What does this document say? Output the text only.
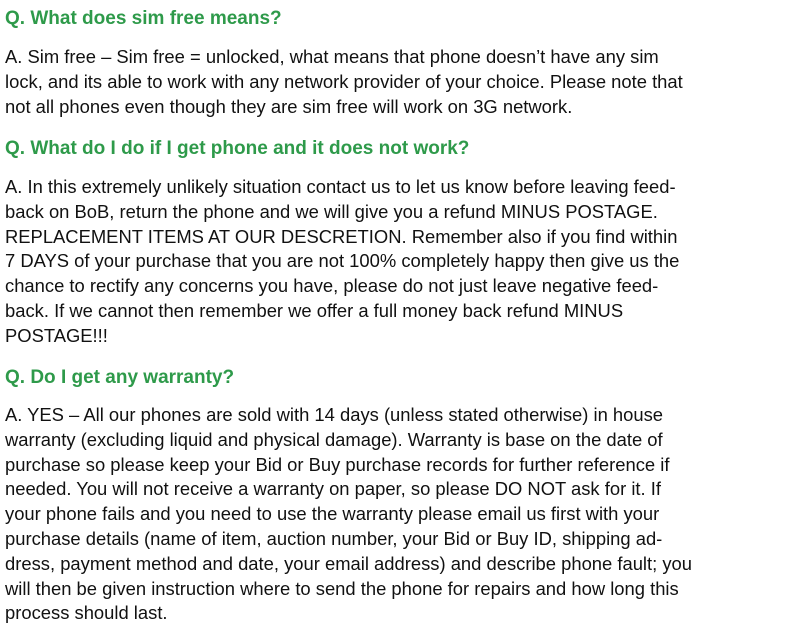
Q. What does sim free means?
A. Sim free – Sim free = unlocked, what means that phone doesn’t have any sim
lock, and its able to work with any network provider of your choice. Please note that
not all phones even though they are sim free will work on 3G network.
Q. What do I do if I get phone and it does not work?
A. In this extremely unlikely situation contact us to let us know before leaving feed-
back on BoB, return the phone and we will give you a refund MINUS POSTAGE.
REPLACEMENT ITEMS AT OUR DESCRETION. Remember also if you find within
7 DAYS of your purchase that you are not 100% completely happy then give us the
chance to rectify any concerns you have, please do not just leave negative feed-
back. If we cannot then remember we offer a full money back refund MINUS
POSTAGE!!!
Q. Do I get any warranty?
A. YES – All our phones are sold with 14 days (unless stated otherwise) in house
warranty (excluding liquid and physical damage). Warranty is base on the date of
purchase so please keep your Bid or Buy purchase records for further reference if
needed. You will not receive a warranty on paper, so please DO NOT ask for it. If
your phone fails and you need to use the warranty please email us first with your
purchase details (name of item, auction number, your Bid or Buy ID, shipping ad-
dress, payment method and date, your email address) and describe phone fault; you
will then be given instruction where to send the phone for repairs and how long this
process should last.
